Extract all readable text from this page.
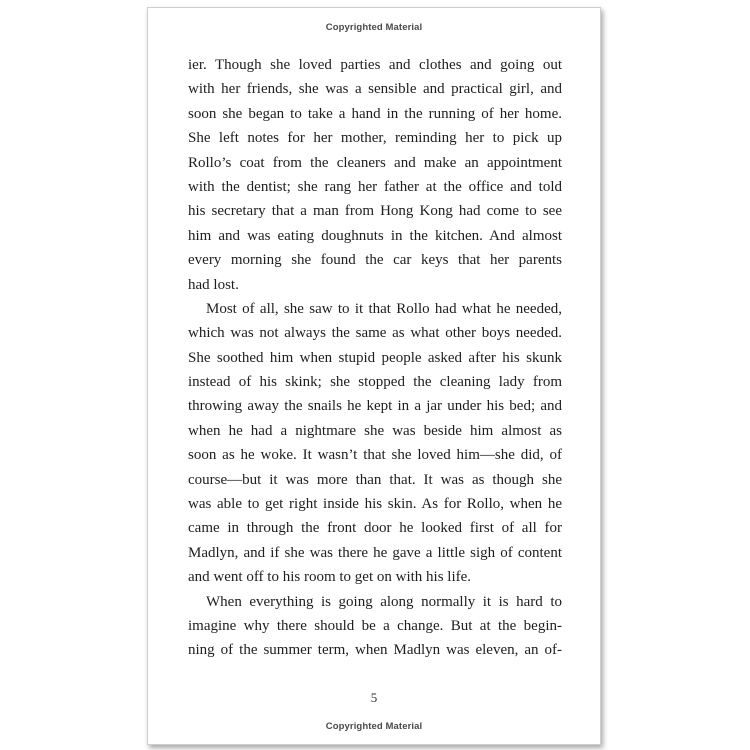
Copyrighted Material
ier. Though she loved parties and clothes and going out
with her friends, she was a sensible and practical girl, and
soon she began to take a hand in the running of her home.
She left notes for her mother, reminding her to pick up
Rollo’s coat from the cleaners and make an appointment
with the dentist; she rang her father at the office and told
his secretary that a man from Hong Kong had come to see
him and was eating doughnuts in the kitchen. And almost
every morning she found the car keys that her parents
had lost.
Most of all, she saw to it that Rollo had what he needed,
which was not always the same as what other boys needed.
She soothed him when stupid people asked after his skunk
instead of his skink; she stopped the cleaning lady from
throwing away the snails he kept in a jar under his bed; and
when he had a nightmare she was beside him almost as
soon as he woke. It wasn’t that she loved him—she did, of
course—but it was more than that. It was as though she
was able to get right inside his skin. As for Rollo, when he
came in through the front door he looked first of all for
Madlyn, and if she was there he gave a little sigh of content
and went off to his room to get on with his life.
When everything is going along normally it is hard to
imagine why there should be a change. But at the begin-
ning of the summer term, when Madlyn was eleven, an of-
5
Copyrighted Material
